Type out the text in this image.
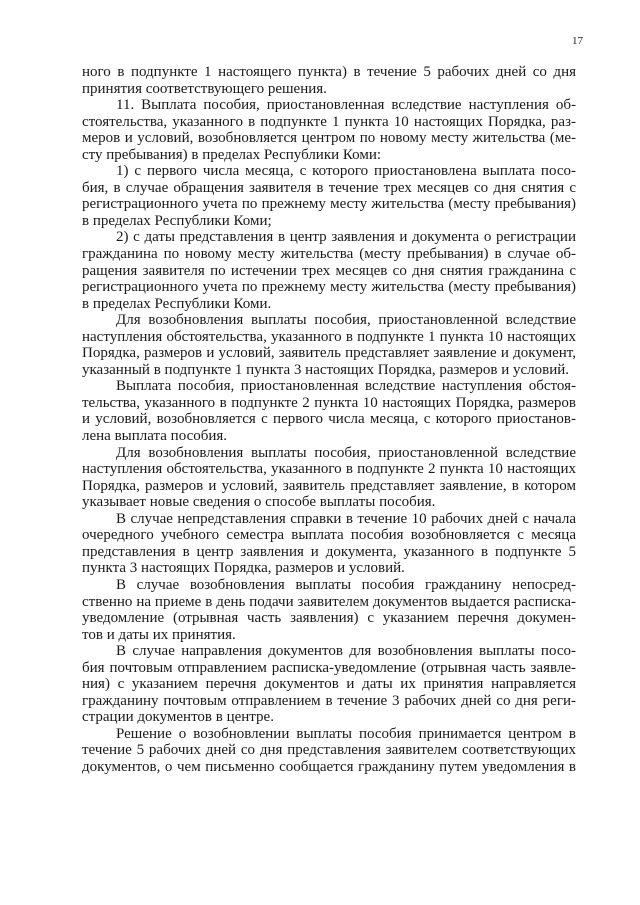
17
ного в подпункте 1 настоящего пункта) в течение 5 рабочих дней со дня
принятия соответствующего решения.
11. Выплата пособия, приостановленная вследствие наступления об-
стоятельства, указанного в подпункте 1 пункта 10 настоящих Порядка, раз-
меров и условий, возобновляется центром по новому месту жительства (ме-
сту пребывания) в пределах Республики Коми:
1) с первого числа месяца, с которого приостановлена выплата посо-
бия, в случае обращения заявителя в течение трех месяцев со дня снятия с
регистрационного учета по прежнему месту жительства (месту пребывания)
в пределах Республики Коми;
2) с даты представления в центр заявления и документа о регистрации
гражданина по новому месту жительства (месту пребывания) в случае об-
ращения заявителя по истечении трех месяцев со дня снятия гражданина с
регистрационного учета по прежнему месту жительства (месту пребывания)
в пределах Республики Коми.
Для возобновления выплаты пособия, приостановленной вследствие
наступления обстоятельства, указанного в подпункте 1 пункта 10 настоящих
Порядка, размеров и условий, заявитель представляет заявление и документ,
указанный в подпункте 1 пункта 3 настоящих Порядка, размеров и условий.
Выплата пособия, приостановленная вследствие наступления обстоя-
тельства, указанного в подпункте 2 пункта 10 настоящих Порядка, размеров
и условий, возобновляется с первого числа месяца, с которого приостанов-
лена выплата пособия.
Для возобновления выплаты пособия, приостановленной вследствие
наступления обстоятельства, указанного в подпункте 2 пункта 10 настоящих
Порядка, размеров и условий, заявитель представляет заявление, в котором
указывает новые сведения о способе выплаты пособия.
В случае непредставления справки в течение 10 рабочих дней с начала
очередного учебного семестра выплата пособия возобновляется с месяца
представления в центр заявления и документа, указанного в подпункте 5
пункта 3 настоящих Порядка, размеров и условий.
В случае возобновления выплаты пособия гражданину непосред-
ственно на приеме в день подачи заявителем документов выдается расписка-
уведомление (отрывная часть заявления) с указанием перечня докумен-
тов и даты их принятия.
В случае направления документов для возобновления выплаты посо-
бия почтовым отправлением расписка-уведомление (отрывная часть заявле-
ния) с указанием перечня документов и даты их принятия направляется
гражданину почтовым отправлением в течение 3 рабочих дней со дня реги-
страции документов в центре.
Решение о возобновлении выплаты пособия принимается центром в
течение 5 рабочих дней со дня представления заявителем соответствующих
документов, о чем письменно сообщается гражданину путем уведомления в
